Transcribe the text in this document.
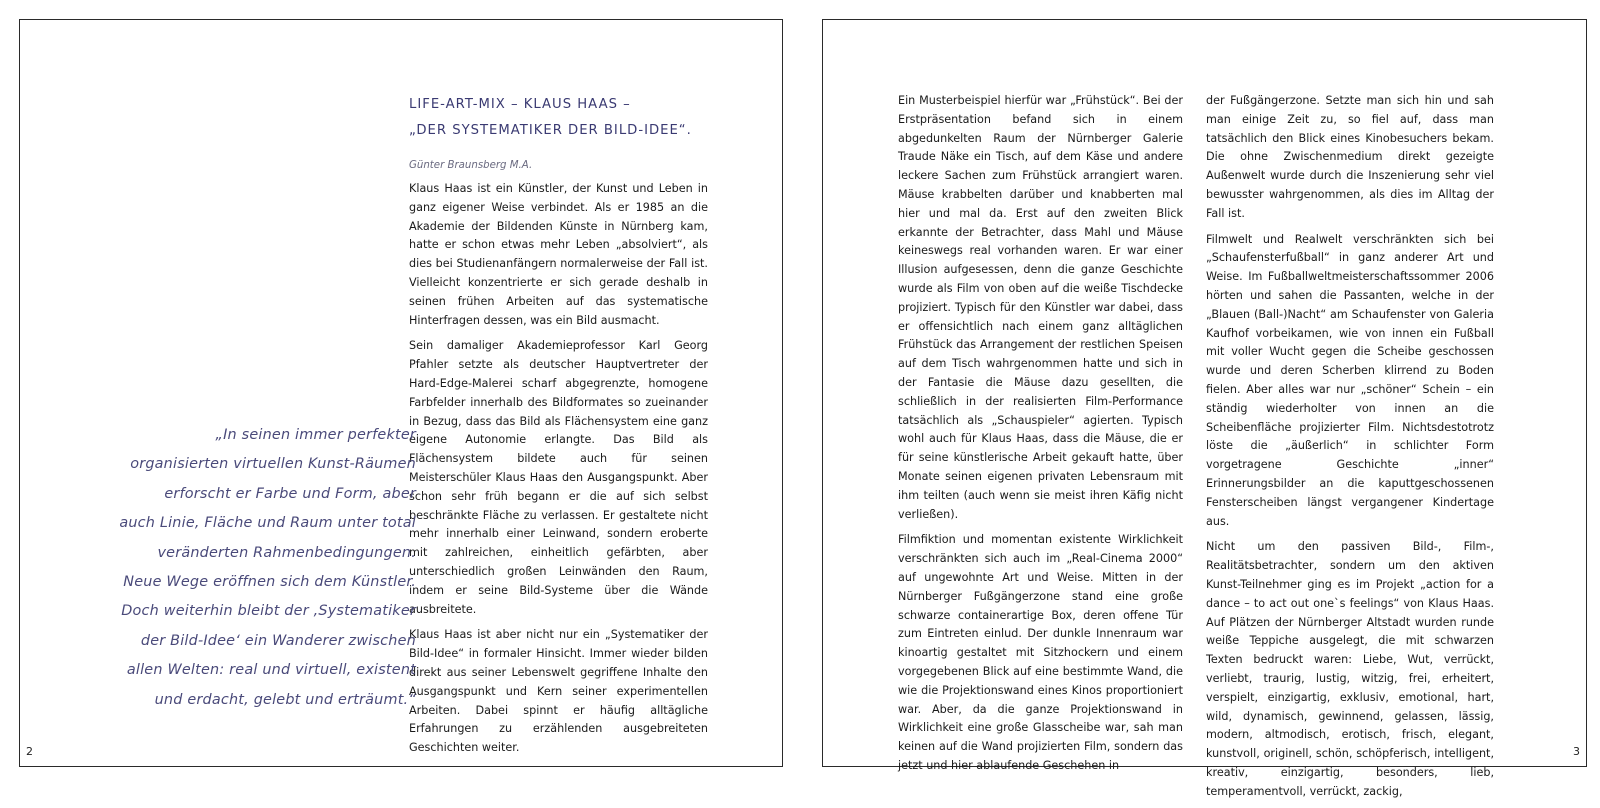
LIFE-ART-MIX – KLAUS HAAS –
„DER SYSTEMATIKER DER BILD-IDEE“.
Günter Braunsberg M.A.

Klaus Haas ist ein Künstler, der Kunst und Leben in ganz eigener Weise verbindet. Als er 1985 an die Akademie der Bildenden Künste in Nürnberg kam, hatte er schon etwas mehr Leben „absolviert“, als dies bei Studienanfängern normalerweise der Fall ist. Vielleicht konzentrierte er sich gerade deshalb in seinen frühen Arbeiten auf das systematische Hinterfragen dessen, was ein Bild ausmacht.

Sein damaliger Akademieprofessor Karl Georg Pfahler setzte als deutscher Hauptvertreter der Hard-Edge-Malerei scharf abgegrenzte, homogene Farbfelder innerhalb des Bildformates so zueinander in Bezug, dass das Bild als Flächensystem eine ganz eigene Autonomie erlangte. Das Bild als Flächensystem bildete auch für seinen Meisterschüler Klaus Haas den Ausgangspunkt. Aber schon sehr früh begann er die auf sich selbst beschränkte Fläche zu verlassen. Er gestaltete nicht mehr innerhalb einer Leinwand, sondern eroberte mit zahlreichen, einheitlich gefärbten, aber unterschiedlich großen Leinwänden den Raum, indem er seine Bild-Systeme über die Wände ausbreitete.

Klaus Haas ist aber nicht nur ein „Systematiker der Bild-Idee“ in formaler Hinsicht. Immer wieder bilden direkt aus seiner Lebenswelt gegriffene Inhalte den Ausgangspunkt und Kern seiner experimentellen Arbeiten. Dabei spinnt er häufig alltägliche Erfahrungen zu erzählenden ausgebreiteten Geschichten weiter.

„In seinen immer perfekter
organisierten virtuellen Kunst-Räumen
erforscht er Farbe und Form, aber
auch Linie, Fläche und Raum unter total
veränderten Rahmenbedingungen.
Neue Wege eröffnen sich dem Künstler.
Doch weiterhin bleibt der ‚Systematiker
der Bild-Idee‘ ein Wanderer zwischen
allen Welten: real und virtuell, existent
und erdacht, gelebt und erträumt.“
2

Ein Musterbeispiel hierfür war „Frühstück“. Bei der Erstpräsentation befand sich in einem abgedunkelten Raum der Nürnberger Galerie Traude Näke ein Tisch, auf dem Käse und andere leckere Sachen zum Frühstück arrangiert waren. Mäuse krabbelten darüber und knabberten mal hier und mal da. Erst auf den zweiten Blick erkannte der Betrachter, dass Mahl und Mäuse keineswegs real vorhanden waren. Er war einer Illusion aufgesessen, denn die ganze Geschichte wurde als Film von oben auf die weiße Tischdecke projiziert. Typisch für den Künstler war dabei, dass er offensichtlich nach einem ganz alltäglichen Frühstück das Arrangement der restlichen Speisen auf dem Tisch wahrgenommen hatte und sich in der Fantasie die Mäuse dazu gesellten, die schließlich in der realisierten Film-Performance tatsächlich als „Schauspieler“ agierten. Typisch wohl auch für Klaus Haas, dass die Mäuse, die er für seine künstlerische Arbeit gekauft hatte, über Monate seinen eigenen privaten Lebensraum mit ihm teilten (auch wenn sie meist ihren Käfig nicht verließen).

Filmfiktion und momentan existente Wirklichkeit verschränkten sich auch im „Real-Cinema 2000“ auf ungewohnte Art und Weise. Mitten in der Nürnberger Fußgängerzone stand eine große schwarze containerartige Box, deren offene Tür zum Eintreten einlud. Der dunkle Innenraum war kinoartig gestaltet mit Sitzhockern und einem vorgegebenen Blick auf eine bestimmte Wand, die wie die Projektionswand eines Kinos proportioniert war. Aber, da die ganze Projektionswand in Wirklichkeit eine große Glasscheibe war, sah man keinen auf die Wand projizierten Film, sondern das jetzt und hier ablaufende Geschehen in

der Fußgängerzone. Setzte man sich hin und sah man einige Zeit zu, so fiel auf, dass man tatsächlich den Blick eines Kinobesuchers bekam. Die ohne Zwischenmedium direkt gezeigte Außenwelt wurde durch die Inszenierung sehr viel bewusster wahrgenommen, als dies im Alltag der Fall ist.

Filmwelt und Realwelt verschränkten sich bei „Schaufensterfußball“ in ganz anderer Art und Weise. Im Fußballweltmeisterschaftssommer 2006 hörten und sahen die Passanten, welche in der „Blauen (Ball-)Nacht“ am Schaufenster von Galeria Kaufhof vorbeikamen, wie von innen ein Fußball mit voller Wucht gegen die Scheibe geschossen wurde und deren Scherben klirrend zu Boden fielen. Aber alles war nur „schöner“ Schein – ein ständig wiederholter von innen an die Scheibenfläche projizierter Film. Nichtsdestotrotz löste die „äußerlich“ in schlichter Form vorgetragene Geschichte „inner“ Erinnerungsbilder an die kaputtgeschossenen Fensterscheiben längst vergangener Kindertage aus.

Nicht um den passiven Bild-, Film-, Realitätsbetrachter, sondern um den aktiven Kunst-Teilnehmer ging es im Projekt „action for a dance – to act out one`s feelings“ von Klaus Haas. Auf Plätzen der Nürnberger Altstadt wurden runde weiße Teppiche ausgelegt, die mit schwarzen Texten bedruckt waren: Liebe, Wut, verrückt, verliebt, traurig, lustig, witzig, frei, erheitert, verspielt, einzigartig, exklusiv, emotional, hart, wild, dynamisch, gewinnend, gelassen, lässig, modern, altmodisch, erotisch, frisch, elegant, kunstvoll, originell, schön, schöpferisch, intelligent, kreativ, einzigartig, besonders, lieb, temperamentvoll, verrückt, zackig,

3
